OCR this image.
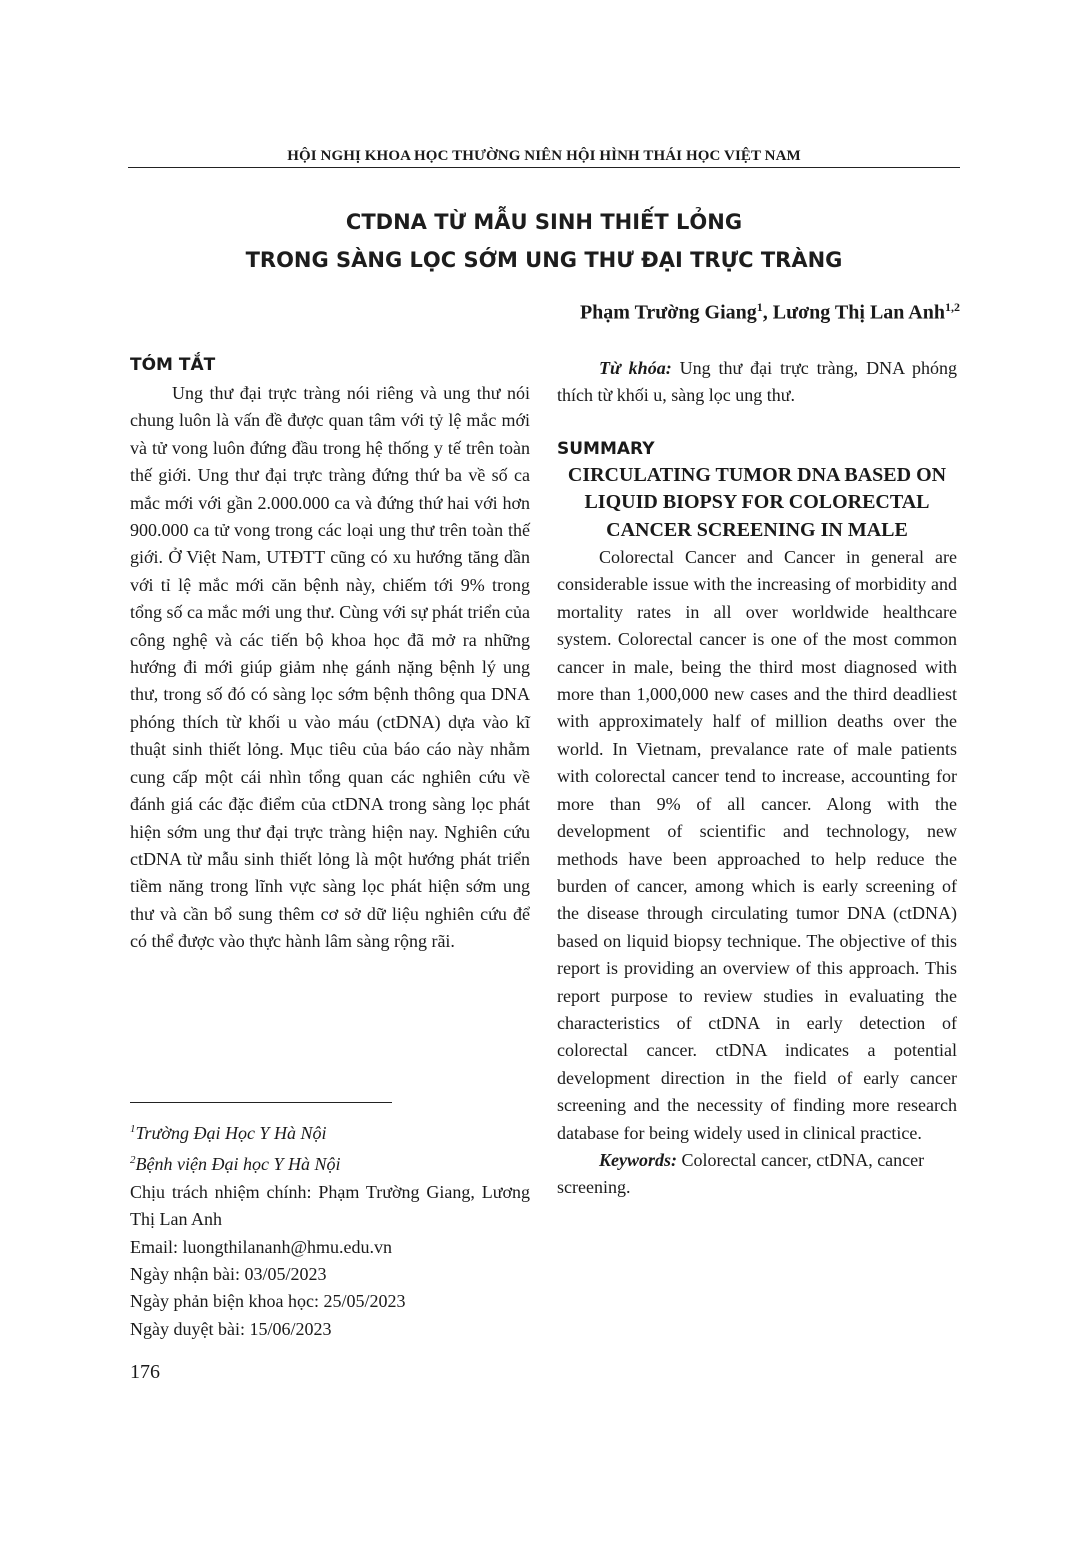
HỘI NGHỊ KHOA HỌC THƯỜNG NIÊN HỘI HÌNH THÁI HỌC VIỆT NAM
CTDNA TỪ MẪU SINH THIẾT LỎNG
TRONG SÀNG LỌC SỚM UNG THƯ ĐẠI TRỰC TRÀNG
Phạm Trường Giang$^1$, Lương Thị Lan Anh$^{1,2}$
TÓM TẮT

Ung thư đại trực tràng nói riêng và ung thư nói chung luôn là vấn đề được quan tâm với tỷ lệ mắc mới và tử vong luôn đứng đầu trong hệ thống y tế trên toàn thế giới. Ung thư đại trực tràng đứng thứ ba về số ca mắc mới với gần 2.000.000 ca và đứng thứ hai với hơn 900.000 ca tử vong trong các loại ung thư trên toàn thế giới. Ở Việt Nam, UTĐTT cũng có xu hướng tăng dần với tỉ lệ mắc mới căn bệnh này, chiếm tới 9% trong tổng số ca mắc mới ung thư. Cùng với sự phát triển của công nghệ và các tiến bộ khoa học đã mở ra những hướng đi mới giúp giảm nhẹ gánh nặng bệnh lý ung thư, trong số đó có sàng lọc sớm bệnh thông qua DNA phóng thích từ khối u vào máu (ctDNA) dựa vào kĩ thuật sinh thiết lỏng. Mục tiêu của báo cáo này nhằm cung cấp một cái nhìn tổng quan các nghiên cứu về đánh giá các đặc điểm của ctDNA trong sàng lọc phát hiện sớm ung thư đại trực tràng hiện nay. Nghiên cứu ctDNA từ mẫu sinh thiết lỏng là một hướng phát triển tiềm năng trong lĩnh vực sàng lọc phát hiện sớm ung thư và cần bổ sung thêm cơ sở dữ liệu nghiên cứu để có thể được vào thực hành lâm sàng rộng rãi.

$^1$Trường Đại Học Y Hà Nội

$^2$Bệnh viện Đại học Y Hà Nội

Chịu trách nhiệm chính: Phạm Trường Giang, Lương Thị Lan Anh

Email: luongthilananh@hmu.edu.vn

Ngày nhận bài: 03/05/2023

Ngày phản biện khoa học: 25/05/2023

Ngày duyệt bài: 15/06/2023

Từ khóa: Ung thư đại trực tràng, DNA phóng thích từ khối u, sàng lọc ung thư.

SUMMARY

CIRCULATING TUMOR DNA BASED ON LIQUID BIOPSY FOR COLORECTAL CANCER SCREENING IN MALE

Colorectal Cancer and Cancer in general are considerable issue with the increasing of morbidity and mortality rates in all over worldwide healthcare system. Colorectal cancer is one of the most common cancer in male, being the third most diagnosed with more than 1,000,000 new cases and the third deadliest with approximately half of million deaths over the world. In Vietnam, prevalance rate of male patients with colorectal cancer tend to increase, accounting for more than 9% of all cancer. Along with the development of scientific and technology, new methods have been approached to help reduce the burden of cancer, among which is early screening of the disease through circulating tumor DNA (ctDNA) based on liquid biopsy technique. The objective of this report is providing an overview of this approach. This report purpose to review studies in evaluating the characteristics of ctDNA in early detection of colorectal cancer. ctDNA indicates a potential development direction in the field of early cancer screening and the necessity of finding more research database for being widely used in clinical practice.

Keywords: Colorectal cancer, ctDNA, cancer screening.

176
